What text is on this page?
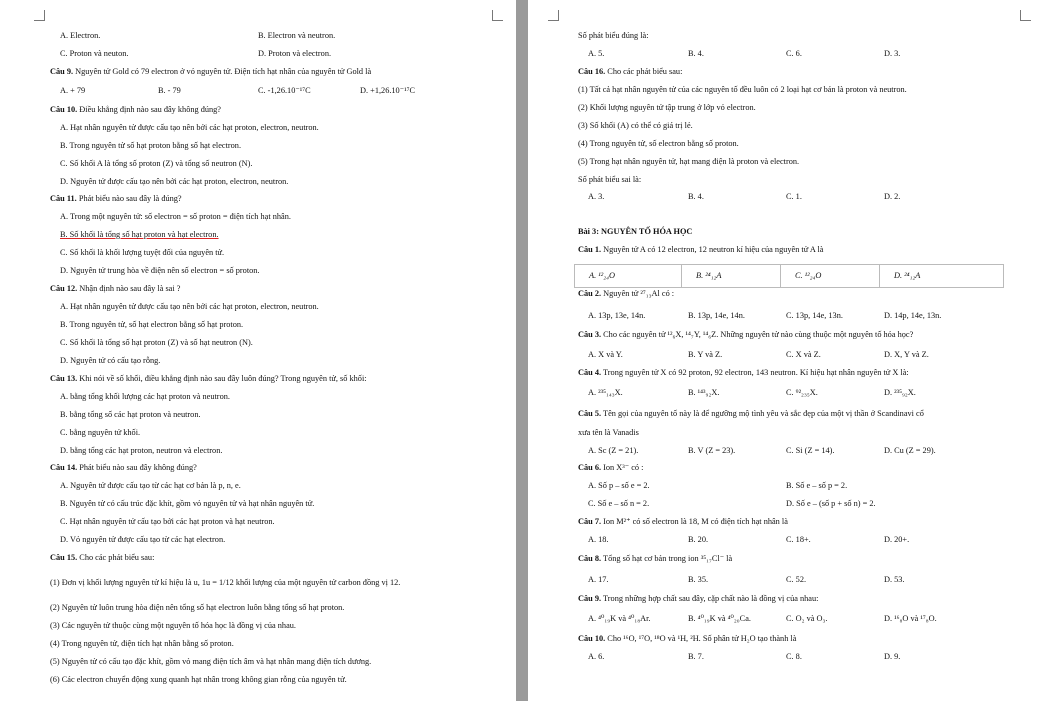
A. Electron.	B. Electron và neutron.
C. Proton và neuton.	D. Proton và electron.
Câu 9. Nguyên tử Gold có 79 electron ở vỏ nguyên tử. Điện tích hạt nhân của nguyên tử Gold là
A. + 79	B. - 79	C. -1,26.10⁻¹⁷C	D. +1,26.10⁻¹⁷C
Câu 10. Điều khẳng định nào sau đây không đúng?
A. Hạt nhân nguyên tử được cấu tạo nên bởi các hạt proton, electron, neutron.
B. Trong nguyên tử số hạt proton bằng số hạt electron.
C. Số khối A là tổng số proton (Z) và tổng số neutron (N).
D. Nguyên tử được cấu tạo nên bởi các hạt proton, electron, neutron.
Câu 11. Phát biểu nào sau đây là đúng?
A. Trong một nguyên tử: số electron = số proton = điện tích hạt nhân.
B. Số khối là tổng số hạt proton và hạt electron.
C. Số khối là khối lượng tuyệt đối của nguyên tử.
D. Nguyên tử trung hòa về điện nên số electron = số proton.
Câu 12. Nhận định nào sau đây là sai ?
A. Hạt nhân nguyên tử được cấu tạo nên bởi các hạt proton, electron, neutron.
B. Trong nguyên tử, số hạt electron bằng số hạt proton.
C. Số khối là tổng số hạt proton (Z) và số hạt neutron (N).
D. Nguyên tử có cấu tạo rỗng.
Câu 13. Khi nói về số khối, điều khẳng định nào sau đây luôn đúng? Trong nguyên tử, số khối:
A. bằng tổng khối lượng các hạt proton và neutron.
B. bằng tổng số các hạt proton và neutron.
C. bằng nguyên tử khối.
D. bằng tổng các hạt proton, neutron và electron.
Câu 14. Phát biểu nào sau đây không đúng?
A. Nguyên tử được cấu tạo từ các hạt cơ bản là p, n, e.
B. Nguyên tử có cấu trúc đặc khít, gồm vỏ nguyên tử và hạt nhân nguyên tử.
C. Hạt nhân nguyên tử cấu tạo bởi các hạt proton và hạt neutron.
D. Vỏ nguyên tử được cấu tạo từ các hạt electron.
Câu 15. Cho các phát biểu sau:
(1) Đơn vị khối lượng nguyên tử kí hiệu là u, 1u = 1/12 khối lượng của một nguyên tử carbon đồng vị 12.
(2) Nguyên tử luôn trung hòa điện nên tổng số hạt electron luôn bằng tổng số hạt proton.
(3) Các nguyên tử thuộc cùng một nguyên tố hóa học là đồng vị của nhau.
(4) Trong nguyên tử, điện tích hạt nhân bằng số proton.
(5) Nguyên tử có cấu tạo đặc khít, gồm vỏ mang điện tích âm và hạt nhân mang điện tích dương.
(6) Các electron chuyển động xung quanh hạt nhân trong không gian rỗng của nguyên tử.
Số phát biểu đúng là:
A. 5.	B. 4.	C. 6.	D. 3.
Câu 16. Cho các phát biểu sau:
(1) Tất cả hạt nhân nguyên tử của các nguyên tố đều luôn có 2 loại hạt cơ bản là proton và neutron.
(2) Khối lượng nguyên tử tập trung ở lớp vỏ electron.
(3) Số khối (A) có thể có giá trị lẻ.
(4) Trong nguyên tử, số electron bằng số proton.
(5) Trong hạt nhân nguyên tử, hạt mang điện là proton và electron.
Số phát biểu sai là:
A. 3.	B. 4.	C. 1.	D. 2.
Bài 3: NGUYÊN TỐ HÓA HỌC
Câu 1. Nguyên tử A có 12 electron, 12 neutron kí hiệu của nguyên tử A là
Câu 2. Nguyên tử ²⁷₁₃Al có :
A. 13p, 13e, 14n.	B. 13p, 14e, 14n.	C. 13p, 14e, 13n.	D. 14p, 14e, 13n.
Câu 3. Cho các nguyên tử ¹²₆X, ¹⁴₇Y, ¹⁴₆Z. Những nguyên tử nào cùng thuộc một nguyên tố hóa học?
A. X và Y.	B. Y và Z.	C. X và Z.	D. X, Y và Z.
Câu 4. Trong nguyên tử X có 92 proton, 92 electron, 143 neutron. Kí hiệu hạt nhân nguyên tử X là:
A. ²³⁵₁₄₃X.	B. ¹⁴³₉₂X.	C. ⁹²₂₃₅X.	D. ²³⁵₉₂X.
Câu 5. Tên gọi của nguyên tố này là để ngưỡng mộ tình yêu và sắc đẹp của một vị thần ở Scandinavi cổ
xưa tên là Vanadis
A. Sc (Z = 21).	B. V (Z = 23).	C. Si (Z = 14).	D. Cu (Z = 29).
Câu 6. Ion X³⁻ có :
A. Số p – số e = 2.	B. Số e – số p = 2.
C. Số e – số n = 2.	D. Số e – (số p + số n) = 2.
Câu 7. Ion M²⁺ có số electron là 18, M có điện tích hạt nhân là
A. 18.	B. 20.	C. 18+.	D. 20+.
Câu 8. Tổng số hạt cơ bản trong ion ³⁵₁₇Cl⁻ là
A. 17.	B. 35.	C. 52.	D. 53.
Câu 9. Trong những hợp chất sau đây, cặp chất nào là đồng vị của nhau:
A. ⁴⁰₁₉K và ⁴⁰₁₈Ar.	B. ⁴⁰₁₉K và ⁴⁰₂₀Ca.	C. O₂ và O₃.	D. ¹⁶₈O và ¹⁷₈O.
Câu 10. Cho ¹⁶O, ¹⁷O, ¹⁸O và ¹H, ²H. Số phân tử H₂O tạo thành là
A. 6.	B. 7.	C. 8.	D. 9.
A. ¹²₂₄O	B. ²⁴₁₂A	C. ¹²₂₄O	D. ²⁴₁₂A
